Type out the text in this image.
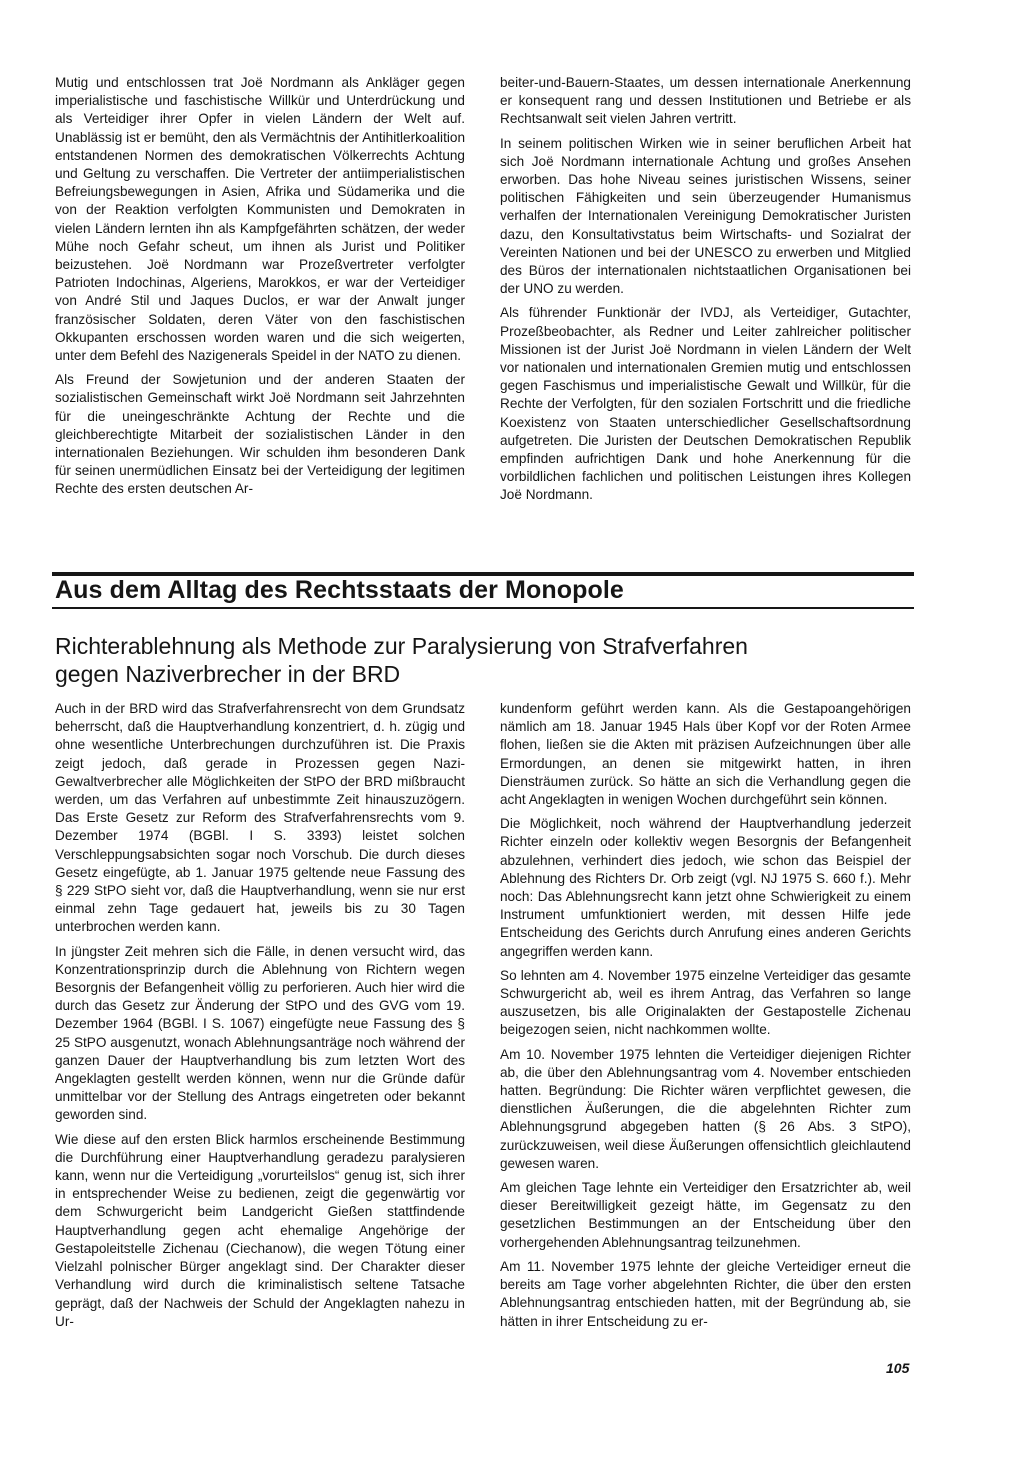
Mutig und entschlossen trat Joë Nordmann als Ankläger gegen imperialistische und faschistische Willkür und Unterdrückung und als Verteidiger ihrer Opfer in vielen Ländern der Welt auf. Unablässig ist er bemüht, den als Vermächtnis der Antihitlerkoalition entstandenen Normen des demokratischen Völkerrechts Achtung und Geltung zu verschaffen. Die Vertreter der antiimperialistischen Befreiungsbewegungen in Asien, Afrika und Südamerika und die von der Reaktion verfolgten Kommunisten und Demokraten in vielen Ländern lernten ihn als Kampfgefährten schätzen, der weder Mühe noch Gefahr scheut, um ihnen als Jurist und Politiker beizustehen. Joë Nordmann war Prozeßvertreter verfolgter Patrioten Indochinas, Algeriens, Marokkos, er war der Verteidiger von André Stil und Jaques Duclos, er war der Anwalt junger französischer Soldaten, deren Väter von den faschistischen Okkupanten erschossen worden waren und die sich weigerten, unter dem Befehl des Nazigenerals Speidel in der NATO zu dienen.

Als Freund der Sowjetunion und der anderen Staaten der sozialistischen Gemeinschaft wirkt Joë Nordmann seit Jahrzehnten für die uneingeschränkte Achtung der Rechte und die gleichberechtigte Mitarbeit der sozialistischen Länder in den internationalen Beziehungen. Wir schulden ihm besonderen Dank für seinen unermüdlichen Einsatz bei der Verteidigung der legitimen Rechte des ersten deutschen Ar-

beiter-und-Bauern-Staates, um dessen internationale Anerkennung er konsequent rang und dessen Institutionen und Betriebe er als Rechtsanwalt seit vielen Jahren vertritt.

In seinem politischen Wirken wie in seiner beruflichen Arbeit hat sich Joë Nordmann internationale Achtung und großes Ansehen erworben. Das hohe Niveau seines juristischen Wissens, seiner politischen Fähigkeiten und sein überzeugender Humanismus verhalfen der Internationalen Vereinigung Demokratischer Juristen dazu, den Konsultativstatus beim Wirtschafts- und Sozialrat der Vereinten Nationen und bei der UNESCO zu erwerben und Mitglied des Büros der internationalen nichtstaatlichen Organisationen bei der UNO zu werden.

Als führender Funktionär der IVDJ, als Verteidiger, Gutachter, Prozeßbeobachter, als Redner und Leiter zahlreicher politischer Missionen ist der Jurist Joë Nordmann in vielen Ländern der Welt vor nationalen und internationalen Gremien mutig und entschlossen gegen Faschismus und imperialistische Gewalt und Willkür, für die Rechte der Verfolgten, für den sozialen Fortschritt und die friedliche Koexistenz von Staaten unterschiedlicher Gesellschaftsordnung aufgetreten. Die Juristen der Deutschen Demokratischen Republik empfinden aufrichtigen Dank und hohe Anerkennung für die vorbildlichen fachlichen und politischen Leistungen ihres Kollegen Joë Nordmann.

Aus dem Alltag des Rechtsstaats der Monopole
Richterablehnung als Methode zur Paralysierung von Strafverfahren
gegen Naziverbrecher in der BRD

Auch in der BRD wird das Strafverfahrensrecht von dem Grundsatz beherrscht, daß die Hauptverhandlung konzentriert, d. h. zügig und ohne wesentliche Unterbrechungen durchzuführen ist. Die Praxis zeigt jedoch, daß gerade in Prozessen gegen Nazi-Gewaltverbrecher alle Möglichkeiten der StPO der BRD mißbraucht werden, um das Verfahren auf unbestimmte Zeit hinauszuzögern. Das Erste Gesetz zur Reform des Strafverfahrensrechts vom 9. Dezember 1974 (BGBl. I S. 3393) leistet solchen Verschleppungsabsichten sogar noch Vorschub. Die durch dieses Gesetz eingefügte, ab 1. Januar 1975 geltende neue Fassung des § 229 StPO sieht vor, daß die Hauptverhandlung, wenn sie nur erst einmal zehn Tage gedauert hat, jeweils bis zu 30 Tagen unterbrochen werden kann.

In jüngster Zeit mehren sich die Fälle, in denen versucht wird, das Konzentrationsprinzip durch die Ablehnung von Richtern wegen Besorgnis der Befangenheit völlig zu perforieren. Auch hier wird die durch das Gesetz zur Änderung der StPO und des GVG vom 19. Dezember 1964 (BGBl. I S. 1067) eingefügte neue Fassung des § 25 StPO ausgenutzt, wonach Ablehnungsanträge noch während der ganzen Dauer der Hauptverhandlung bis zum letzten Wort des Angeklagten gestellt werden können, wenn nur die Gründe dafür unmittelbar vor der Stellung des Antrags eingetreten oder bekannt geworden sind.

Wie diese auf den ersten Blick harmlos erscheinende Bestimmung die Durchführung einer Hauptverhandlung geradezu paralysieren kann, wenn nur die Verteidigung „vorurteilslos“ genug ist, sich ihrer in entsprechender Weise zu bedienen, zeigt die gegenwärtig vor dem Schwurgericht beim Landgericht Gießen stattfindende Hauptverhandlung gegen acht ehemalige Angehörige der Gestapoleitstelle Zichenau (Ciechanow), die wegen Tötung einer Vielzahl polnischer Bürger angeklagt sind. Der Charakter dieser Verhandlung wird durch die kriminalistisch seltene Tatsache geprägt, daß der Nachweis der Schuld der Angeklagten nahezu in Ur-

kundenform geführt werden kann. Als die Gestapoangehörigen nämlich am 18. Januar 1945 Hals über Kopf vor der Roten Armee flohen, ließen sie die Akten mit präzisen Aufzeichnungen über alle Ermordungen, an denen sie mitgewirkt hatten, in ihren Diensträumen zurück. So hätte an sich die Verhandlung gegen die acht Angeklagten in wenigen Wochen durchgeführt sein können.

Die Möglichkeit, noch während der Hauptverhandlung jederzeit Richter einzeln oder kollektiv wegen Besorgnis der Befangenheit abzulehnen, verhindert dies jedoch, wie schon das Beispiel der Ablehnung des Richters Dr. Orb zeigt (vgl. NJ 1975 S. 660 f.). Mehr noch: Das Ablehnungsrecht kann jetzt ohne Schwierigkeit zu einem Instrument umfunktioniert werden, mit dessen Hilfe jede Entscheidung des Gerichts durch Anrufung eines anderen Gerichts angegriffen werden kann.

So lehnten am 4. November 1975 einzelne Verteidiger das gesamte Schwurgericht ab, weil es ihrem Antrag, das Verfahren so lange auszusetzen, bis alle Originalakten der Gestapostelle Zichenau beigezogen seien, nicht nachkommen wollte.

Am 10. November 1975 lehnten die Verteidiger diejenigen Richter ab, die über den Ablehnungsantrag vom 4. November entschieden hatten. Begründung: Die Richter wären verpflichtet gewesen, die dienstlichen Äußerungen, die die abgelehnten Richter zum Ablehnungsgrund abgegeben hatten (§ 26 Abs. 3 StPO), zurückzuweisen, weil diese Äußerungen offensichtlich gleichlautend gewesen waren.

Am gleichen Tage lehnte ein Verteidiger den Ersatzrichter ab, weil dieser Bereitwilligkeit gezeigt hätte, im Gegensatz zu den gesetzlichen Bestimmungen an der Entscheidung über den vorhergehenden Ablehnungsantrag teilzunehmen.

Am 11. November 1975 lehnte der gleiche Verteidiger erneut die bereits am Tage vorher abgelehnten Richter, die über den ersten Ablehnungsantrag entschieden hatten, mit der Begründung ab, sie hätten in ihrer Entscheidung zu er-

105
